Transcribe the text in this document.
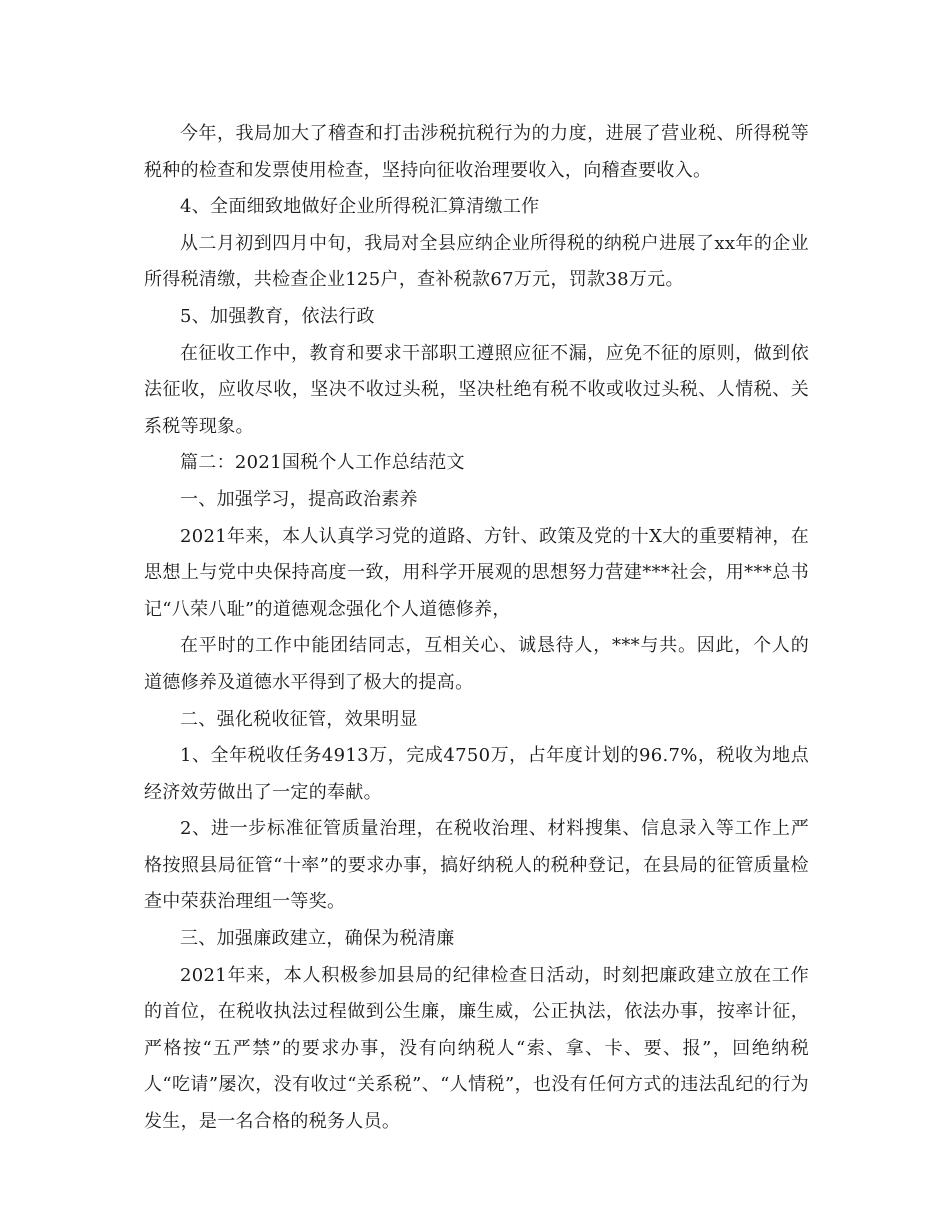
今年，我局加大了稽查和打击涉税抗税行为的力度，进展了营业税、所得税等税种的检查和发票使用检查，坚持向征收治理要收入，向稽查要收入。

4、全面细致地做好企业所得税汇算清缴工作

从二月初到四月中旬，我局对全县应纳企业所得税的纳税户进展了xx年的企业所得税清缴，共检查企业125户，查补税款67万元，罚款38万元。

5、加强教育，依法行政

在征收工作中，教育和要求干部职工遵照应征不漏，应免不征的原则，做到依法征收，应收尽收，坚决不收过头税，坚决杜绝有税不收或收过头税、人情税、关系税等现象。

篇二：2021国税个人工作总结范文

一、加强学习，提高政治素养

2021年来，本人认真学习党的道路、方针、政策及党的十X大的重要精神，在思想上与党中央保持高度一致，用科学开展观的思想努力营建***社会，用***总书记“八荣八耻”的道德观念强化个人道德修养，

在平时的工作中能团结同志，互相关心、诚恳待人，***与共。因此，个人的道德修养及道德水平得到了极大的提高。

二、强化税收征管，效果明显

1、全年税收任务4913万，完成4750万，占年度计划的96.7%，税收为地点经济效劳做出了一定的奉献。

2、进一步标准征管质量治理，在税收治理、材料搜集、信息录入等工作上严格按照县局征管“十率”的要求办事，搞好纳税人的税种登记，在县局的征管质量检查中荣获治理组一等奖。

三、加强廉政建立，确保为税清廉

2021年来，本人积极参加县局的纪律检查日活动，时刻把廉政建立放在工作的首位，在税收执法过程做到公生廉，廉生威，公正执法，依法办事，按率计征，严格按“五严禁”的要求办事，没有向纳税人“索、拿、卡、要、报”，回绝纳税人“吃请”屡次，没有收过“关系税”、“人情税”，也没有任何方式的违法乱纪的行为发生，是一名合格的税务人员。
